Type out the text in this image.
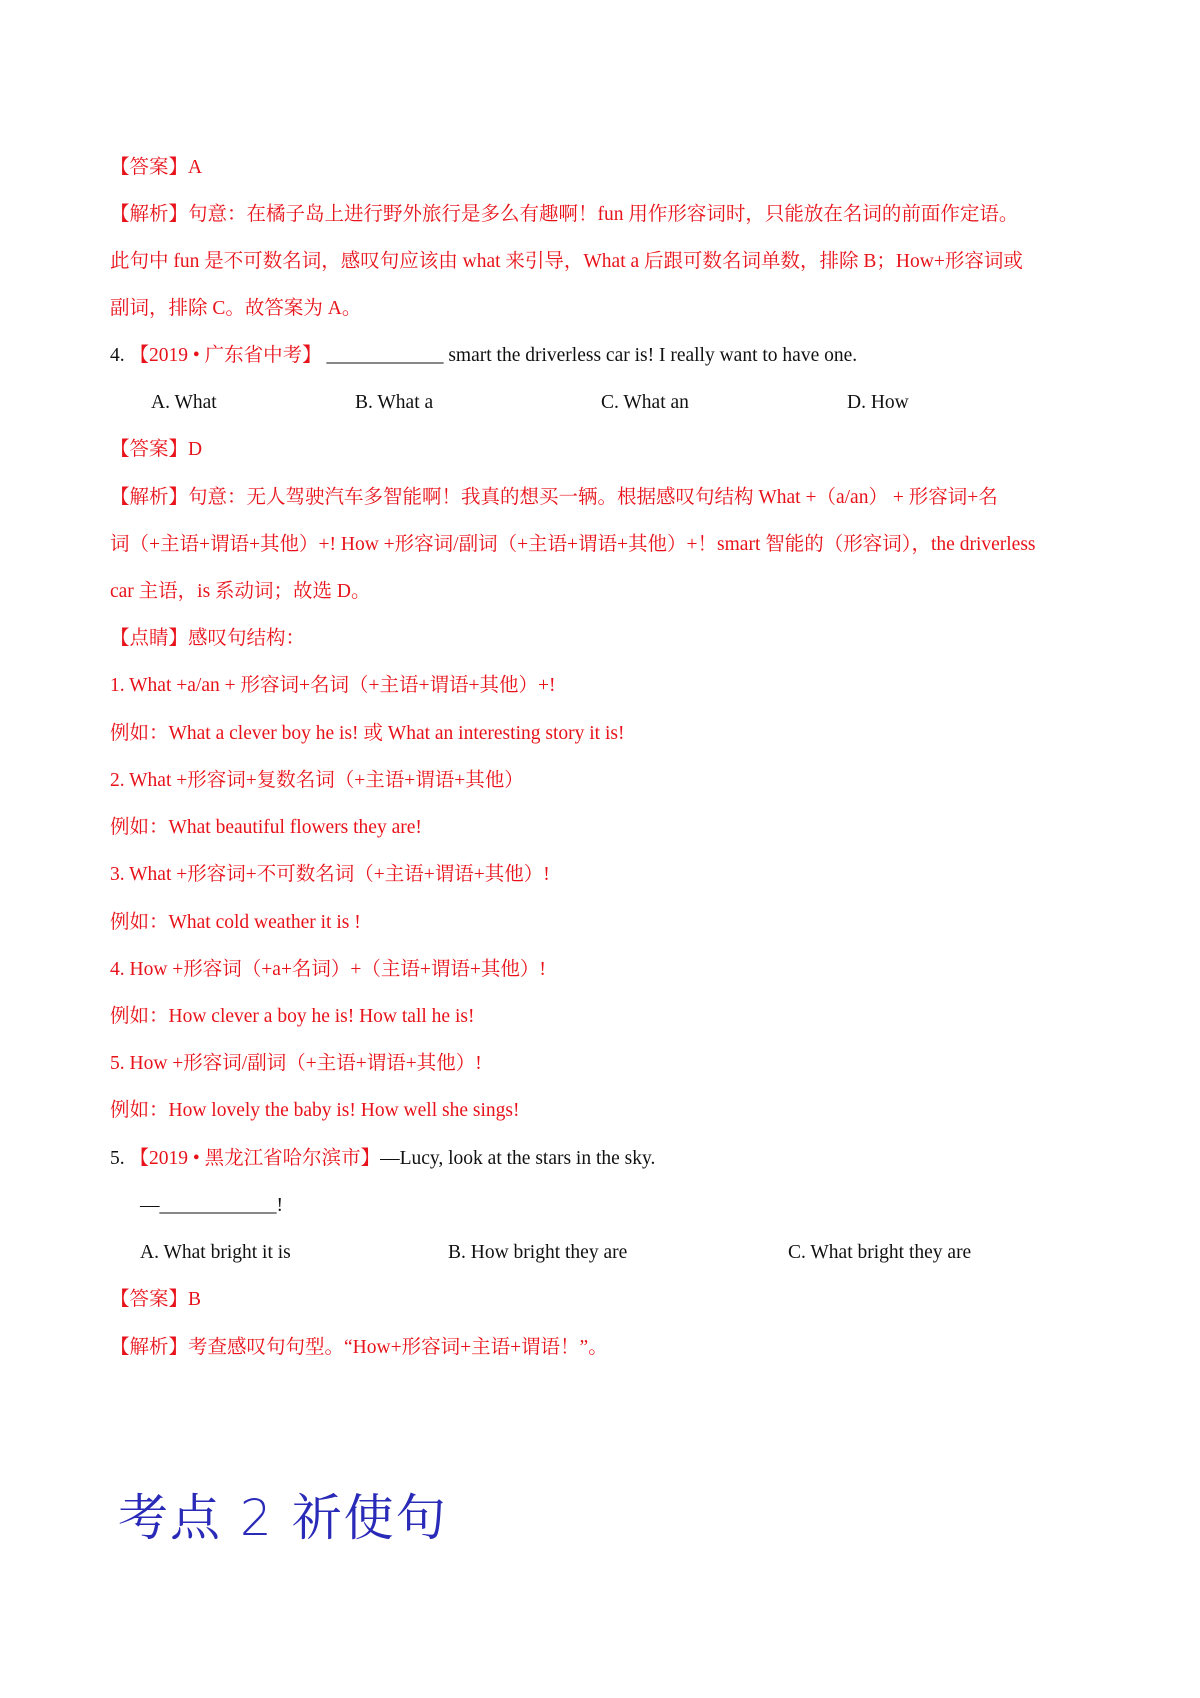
【答案】A
【解析】句意：在橘子岛上进行野外旅行是多么有趣啊！fun 用作形容词时，只能放在名词的前面作定语。
此句中 fun 是不可数名词，感叹句应该由 what 来引导，What a 后跟可数名词单数，排除 B；How+形容词或
副词，排除 C。故答案为 A。
4. 【2019 • 广东省中考】 ____________ smart the driverless car is! I really want to have one.
A. What	B. What a	C. What an	D. How
【答案】D
【解析】句意：无人驾驶汽车多智能啊！我真的想买一辆。根据感叹句结构 What +（a/an） + 形容词+名
词（+主语+谓语+其他）+! How +形容词/副词（+主语+谓语+其他）+！smart 智能的（形容词），the driverless
car 主语，is 系动词；故选 D。
【点睛】感叹句结构：
1. What +a/an + 形容词+名词（+主语+谓语+其他）+!
例如：What a clever boy he is! 或 What an interesting story it is!
2. What +形容词+复数名词（+主语+谓语+其他）
例如：What beautiful flowers they are!
3. What +形容词+不可数名词（+主语+谓语+其他）!
例如：What cold weather it is !
4. How +形容词（+a+名词）+（主语+谓语+其他）!
例如：How clever a boy he is! How tall he is!
5. How +形容词/副词（+主语+谓语+其他）!
例如：How lovely the baby is! How well she sings!
5. 【2019 • 黑龙江省哈尔滨市】—Lucy, look at the stars in the sky.
—____________!
A. What bright it is	B. How bright they are	C. What bright they are
【答案】B
【解析】考查感叹句句型。“How+形容词+主语+谓语！”。
考点 2 祈使句
